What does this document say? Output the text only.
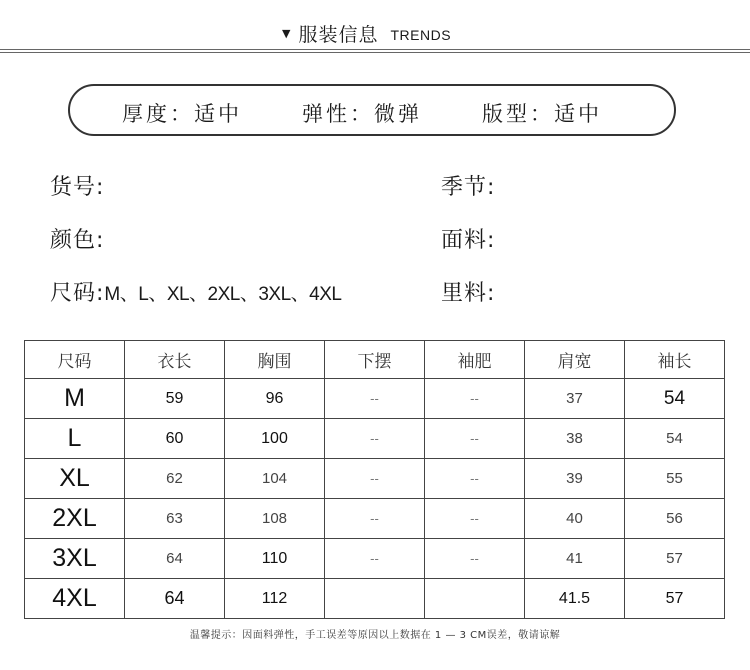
▼ 服装信息 TRENDS
厚度：适中	弹性：微弹	版型：适中
货号:	季节:
颜色:	面料:
尺码:M、L、XL、2XL、3XL、4XL	里料:
尺码	衣长	胸围	下摆	袖肥	肩宽	袖长
M	59	96	--	--	37	54
L	60	100	--	--	38	54
XL	62	104	--	--	39	55
2XL	63	108	--	--	40	56
3XL	64	110	--	--	41	57
4XL	64	112			41.5	57
温馨提示：因面料弹性，手工误差等原因以上数据在 1 — 3 CM误差，敬请谅解
